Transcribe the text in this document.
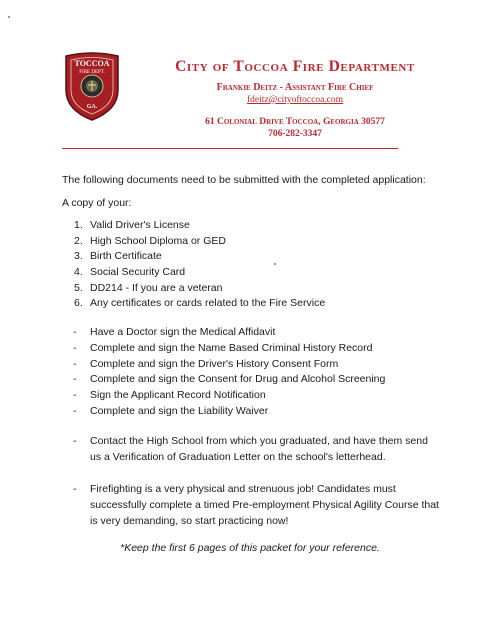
TOCCOA
FIRE DEPT.
GA.
City of Toccoa Fire Department
Frankie Deitz - Assistant Fire Chief
fdeitz@cityoftoccoa.com
61 Colonial Drive Toccoa, Georgia 30577
706-282-3347
The following documents need to be submitted with the completed application:
A copy of your:
1. Valid Driver's License
2. High School Diploma or GED
3. Birth Certificate
4. Social Security Card
5. DD214 - If you are a veteran
6. Any certificates or cards related to the Fire Service
- Have a Doctor sign the Medical Affidavit
- Complete and sign the Name Based Criminal History Record
- Complete and sign the Driver's History Consent Form
- Complete and sign the Consent for Drug and Alcohol Screening
- Sign the Applicant Record Notification
- Complete and sign the Liability Waiver
- Contact the High School from which you graduated, and have them send us a Verification of Graduation Letter on the school's letterhead.

- Firefighting is a very physical and strenuous job! Candidates must successfully complete a timed Pre-employment Physical Agility Course that is very demanding, so start practicing now!

*Keep the first 6 pages of this packet for your reference.
